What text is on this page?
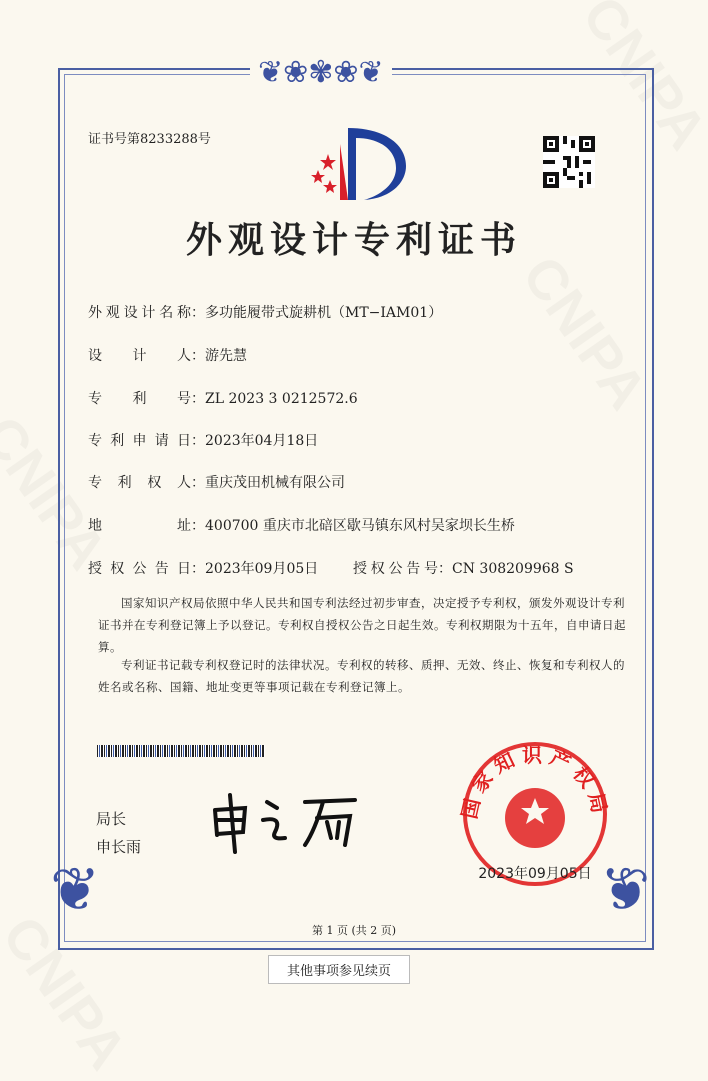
❦❀✾❀❦
❦	❦
证书号第8233288号
外观设计专利证书
外观设计名称：多功能履带式旋耕机（MT−IAM01）
设计人：游先慧
专利号：ZL 2023 3 0212572.6
专利申请日：2023年04月18日
专利权人：重庆茂田机械有限公司
地址：400700 重庆市北碚区歇马镇东风村吴家坝长生桥
授权公告日：2023年09月05日 授权公告号：CN 308209968 S
国家知识产权局依照中华人民共和国专利法经过初步审查，决定授予专利权，颁发外观设计专利证书并在专利登记簿上予以登记。专利权自授权公告之日起生效。专利权期限为十五年，自申请日起算。
专利证书记载专利权登记时的法律状况。专利权的转移、质押、无效、终止、恢复和专利权人的姓名或名称、国籍、地址变更等事项记载在专利登记簿上。
局长
申长雨
国家知识产权局
2023年09月05日
第 1 页 (共 2 页)
其他事项参见续页
